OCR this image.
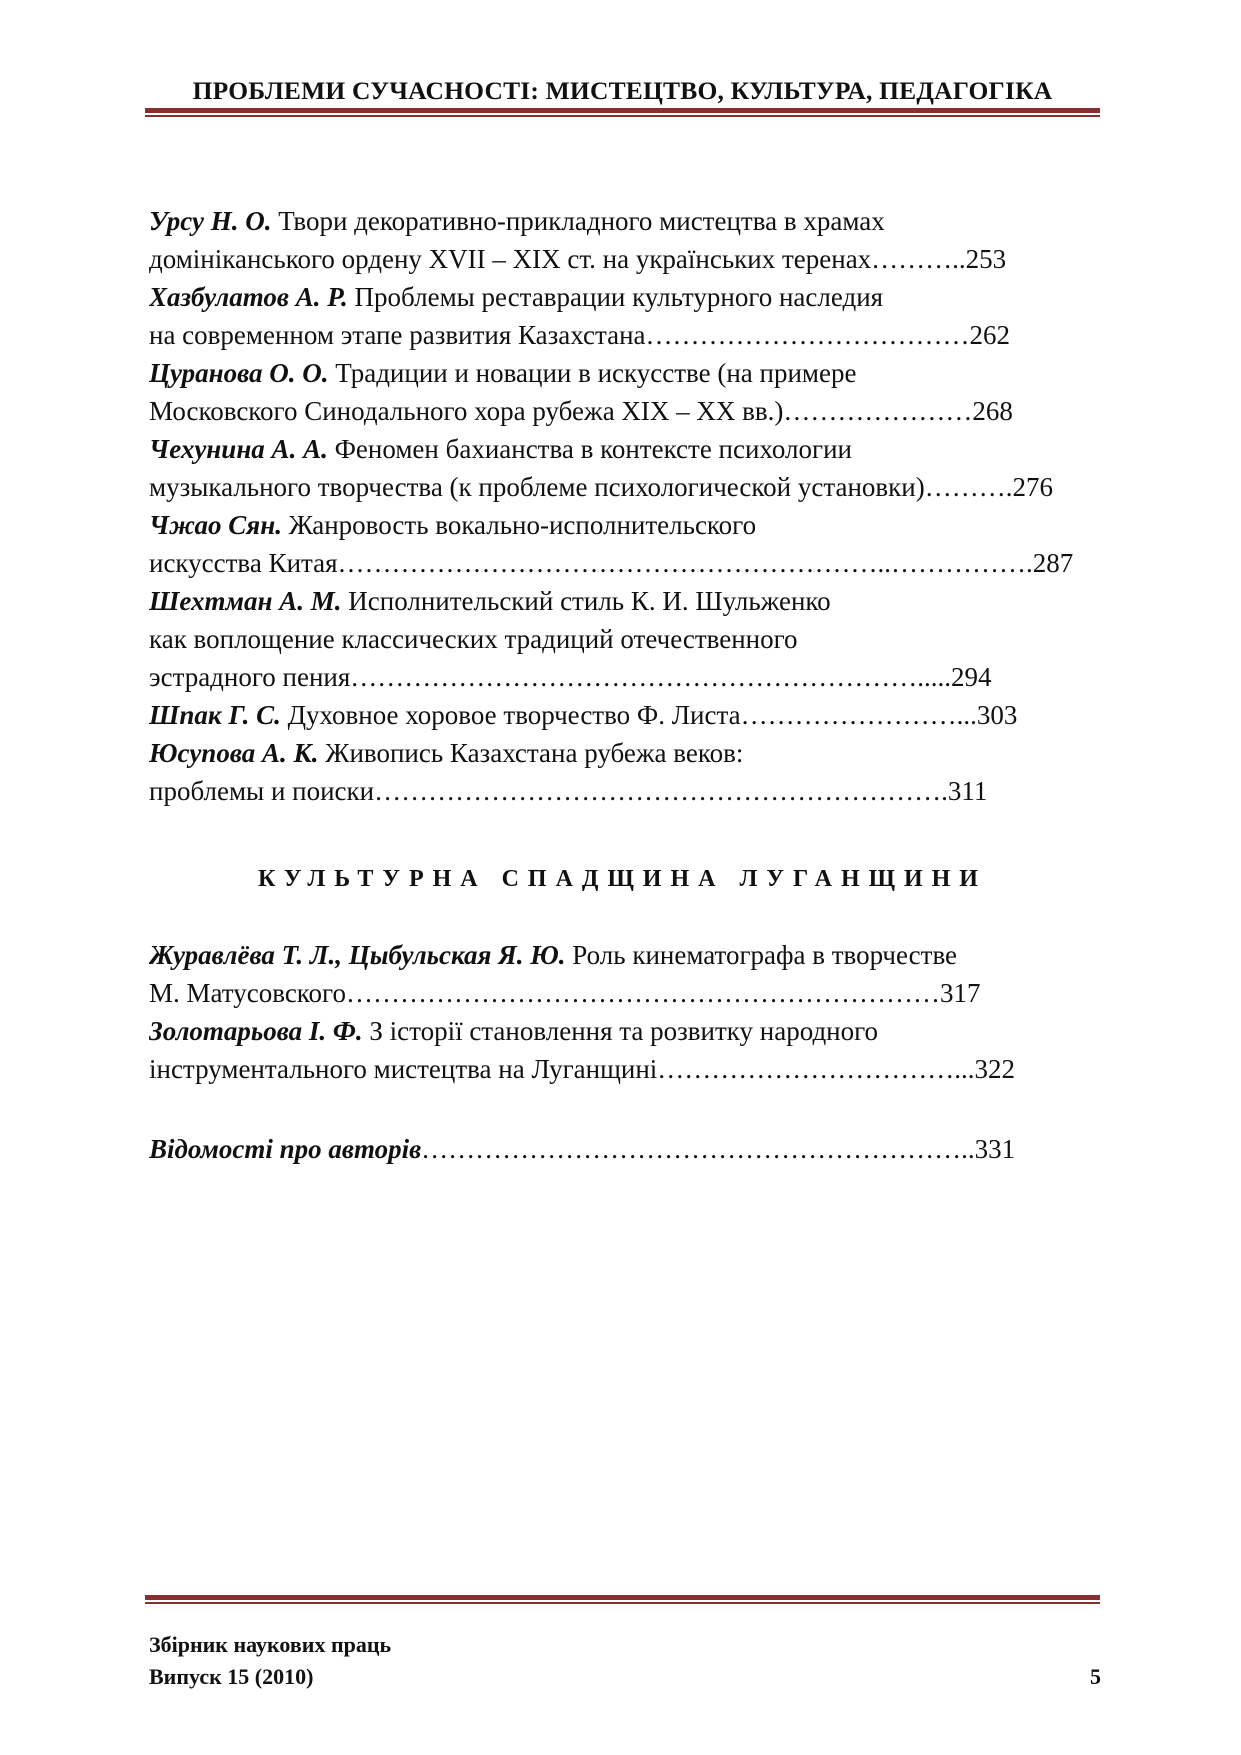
ПРОБЛЕМИ СУЧАСНОСТІ: МИСТЕЦТВО, КУЛЬТУРА, ПЕДАГОГІКА
Урсу Н. О. Твори декоративно-прикладного мистецтва в храмах
домініканського ордену XVII – XIX ст. на українських теренах………..253
Хазбулатов А. Р. Проблемы реставрации культурного наследия
на современном этапе развития Казахстана………………………………262
Цуранова О. О. Традиции и новации в искусстве (на примере
Московского Синодального хора рубежа XIX – XX вв.)…………………268
Чехунина А. А. Феномен бахианства в контексте психологии
музыкального творчества (к проблеме психологической установки)……….276
Чжао Сян. Жанровость вокально-исполнительского
искусства Китая……………………………………………………..…………….287
Шехтман А. М. Исполнительский стиль К. И. Шульженко
как воплощение классических традиций отечественного
эстрадного пения……………………………………………………….....294
Шпак Г. С. Духовное хоровое творчество Ф. Листа……………………...303
Юсупова А. К. Живопись Казахстана рубежа веков:
проблемы и поиски……………………………………………………….311
КУЛЬТУРНА СПАДЩИНА ЛУГАНЩИНИ
Журавлёва Т. Л., Цыбульская Я. Ю. Роль кинематографа в творчестве
М. Матусовского…………………………………………………………317
Золотарьова І. Ф. З історії становлення та розвитку народного
інструментального мистецтва на Луганщині……………………………...322
Відомості про авторів……………………………………………………..331
Збірник наукових праць
Випуск 15 (2010)	5
